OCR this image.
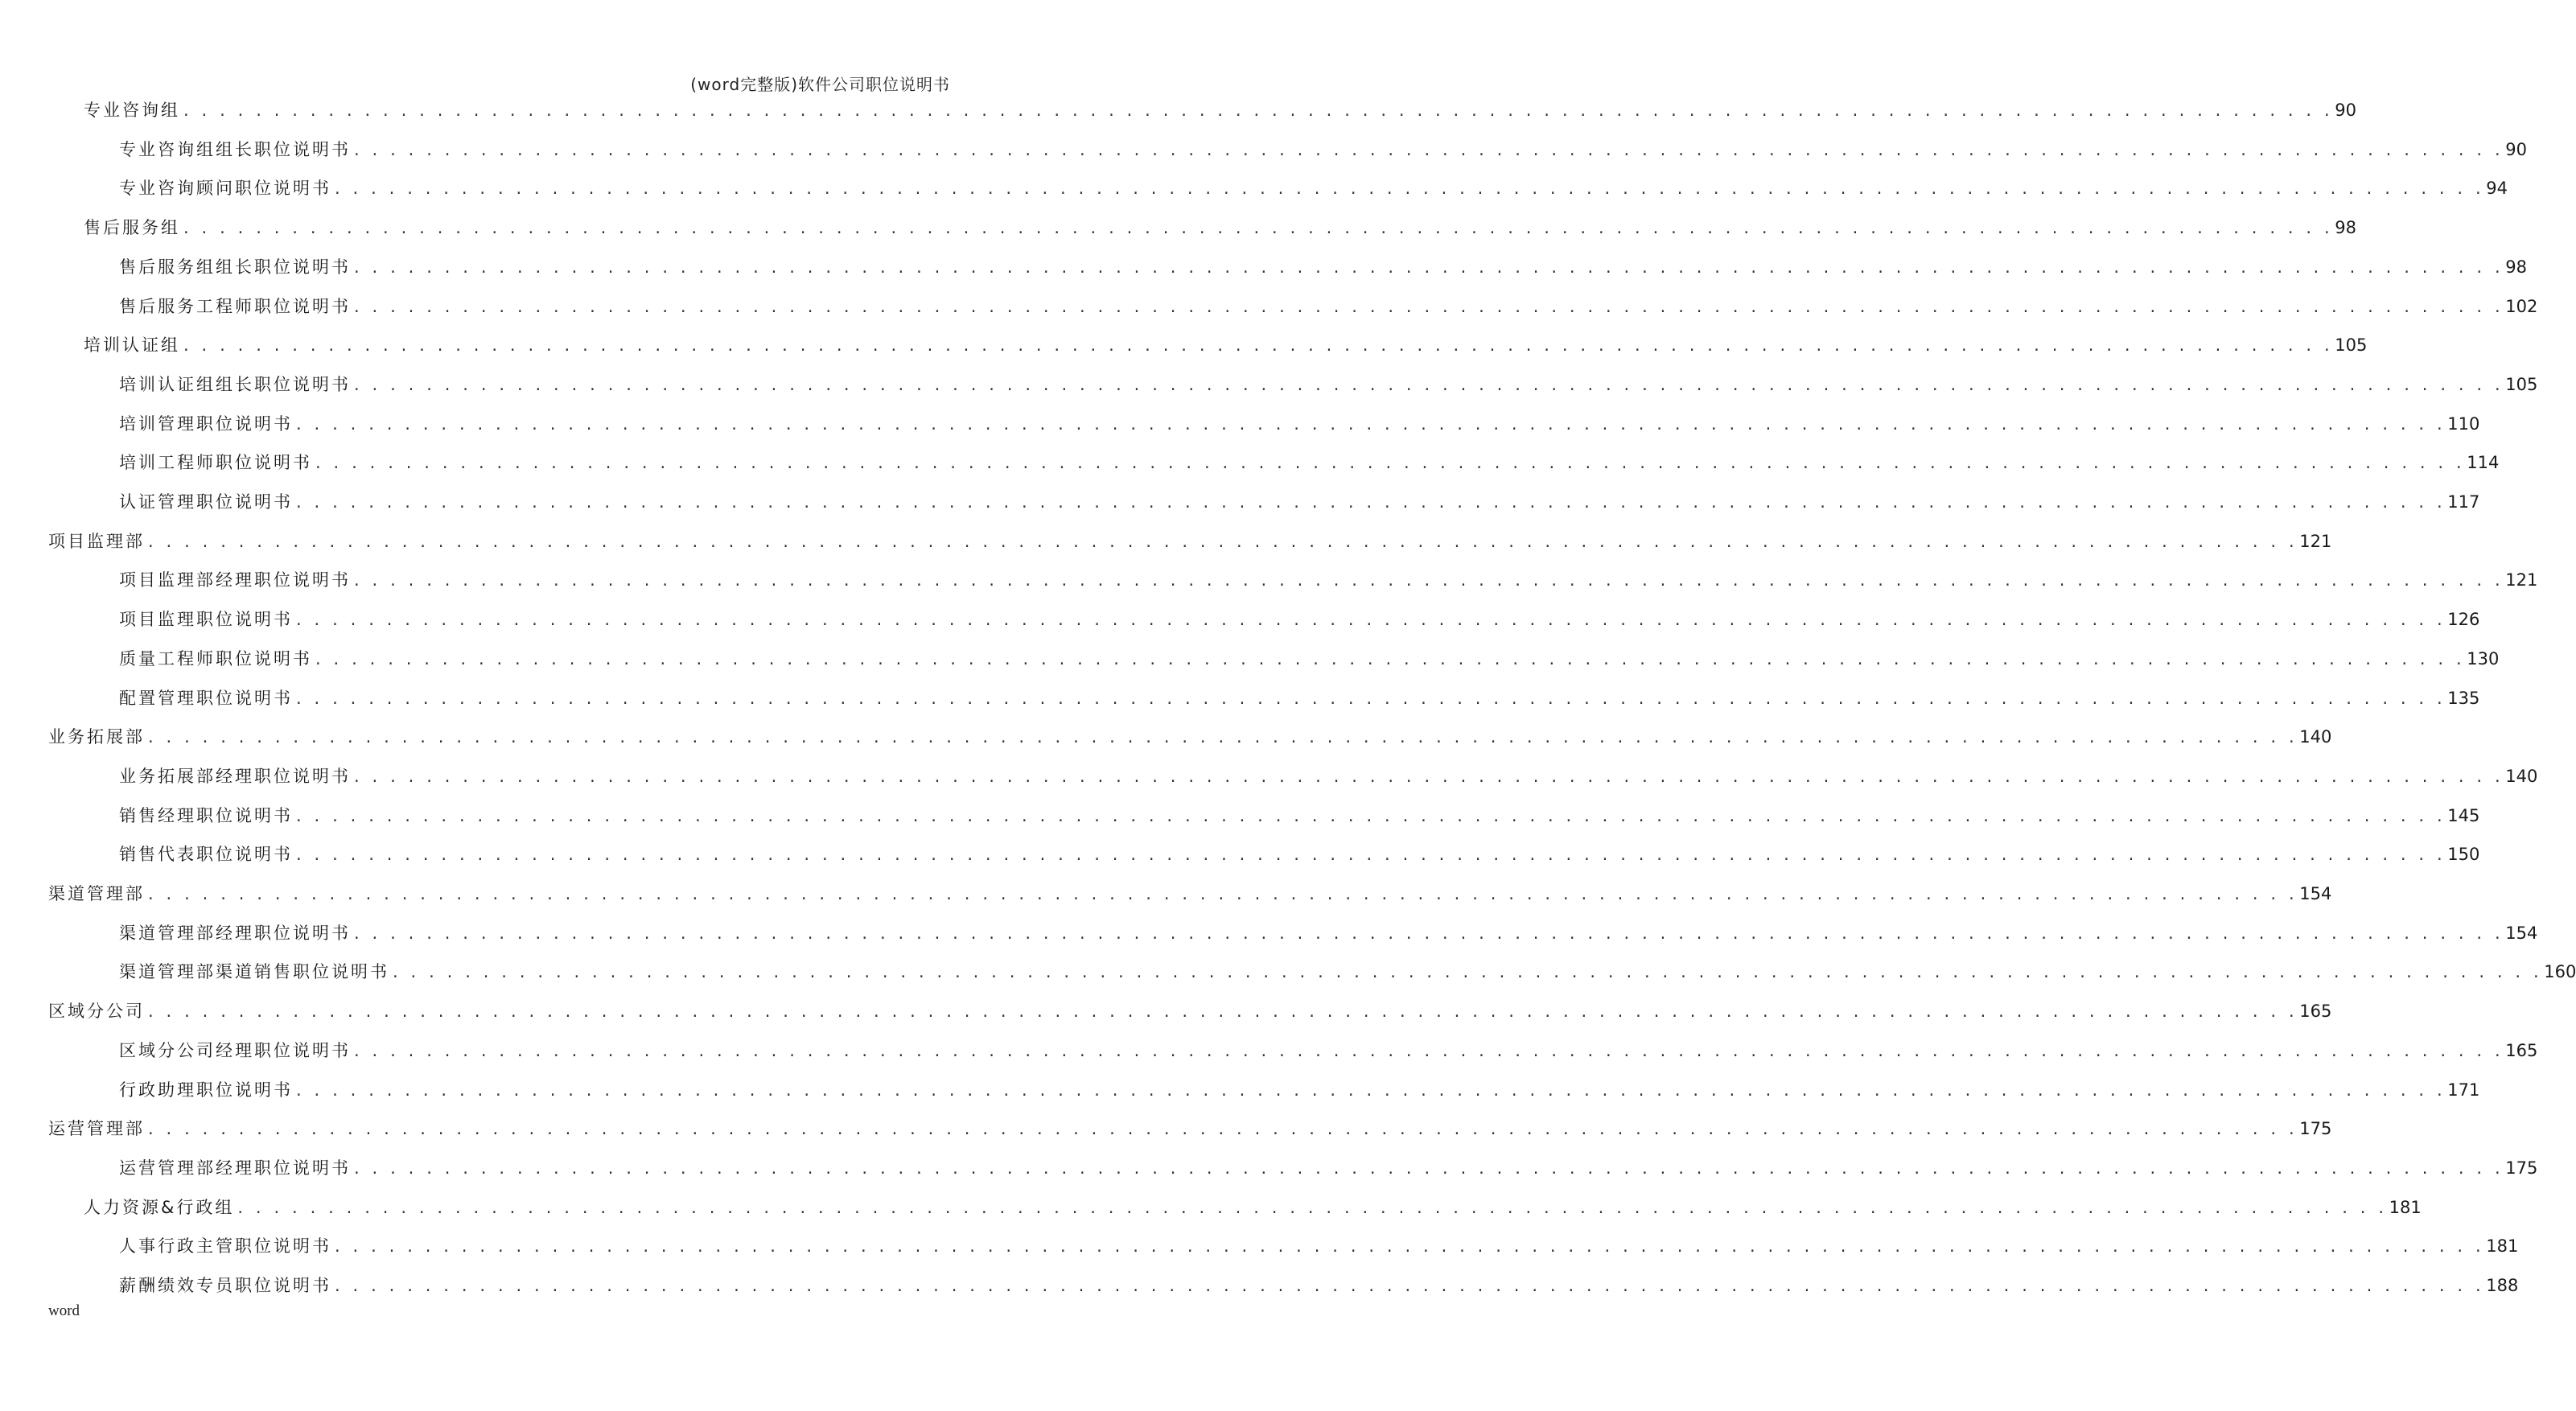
(word完整版)软件公司职位说明书
专业咨询组 . . . . . . . . . . . . . . . . . . . . . . . . . . . . . . . . . . . . . . . . . . . . . . . . . . . . . . . . . . . . . . . . . . . . . . . . . . . . . . . . . . . . . . . . . . . . . . . . . . . . . . . . . . . . . . . . . . . . . . . 90
专业咨询组组长职位说明书 . . . . . . . . . . . . . . . . . . . . . . . . . . . . . . . . . . . . . . . . . . . . . . . . . . . . . . . . . . . . . . . . . . . . . . . . . . . . . . . . . . . . . . . . . . . . . . . . . . . . . . . . . . . . . . . . . . . . . . . 90
专业咨询顾问职位说明书 . . . . . . . . . . . . . . . . . . . . . . . . . . . . . . . . . . . . . . . . . . . . . . . . . . . . . . . . . . . . . . . . . . . . . . . . . . . . . . . . . . . . . . . . . . . . . . . . . . . . . . . . . . . . . . . . . . . . . . . 94
售后服务组 . . . . . . . . . . . . . . . . . . . . . . . . . . . . . . . . . . . . . . . . . . . . . . . . . . . . . . . . . . . . . . . . . . . . . . . . . . . . . . . . . . . . . . . . . . . . . . . . . . . . . . . . . . . . . . . . . . . . . . . 98
售后服务组组长职位说明书 . . . . . . . . . . . . . . . . . . . . . . . . . . . . . . . . . . . . . . . . . . . . . . . . . . . . . . . . . . . . . . . . . . . . . . . . . . . . . . . . . . . . . . . . . . . . . . . . . . . . . . . . . . . . . . . . . . . . . . . 98
售后服务工程师职位说明书 . . . . . . . . . . . . . . . . . . . . . . . . . . . . . . . . . . . . . . . . . . . . . . . . . . . . . . . . . . . . . . . . . . . . . . . . . . . . . . . . . . . . . . . . . . . . . . . . . . . . . . . . . . . . . . . . . . . . . . . 102
培训认证组 . . . . . . . . . . . . . . . . . . . . . . . . . . . . . . . . . . . . . . . . . . . . . . . . . . . . . . . . . . . . . . . . . . . . . . . . . . . . . . . . . . . . . . . . . . . . . . . . . . . . . . . . . . . . . . . . . . . . . . . 105
培训认证组组长职位说明书 . . . . . . . . . . . . . . . . . . . . . . . . . . . . . . . . . . . . . . . . . . . . . . . . . . . . . . . . . . . . . . . . . . . . . . . . . . . . . . . . . . . . . . . . . . . . . . . . . . . . . . . . . . . . . . . . . . . . . . . 105
培训管理职位说明书 . . . . . . . . . . . . . . . . . . . . . . . . . . . . . . . . . . . . . . . . . . . . . . . . . . . . . . . . . . . . . . . . . . . . . . . . . . . . . . . . . . . . . . . . . . . . . . . . . . . . . . . . . . . . . . . . . . . . . . . 110
培训工程师职位说明书 . . . . . . . . . . . . . . . . . . . . . . . . . . . . . . . . . . . . . . . . . . . . . . . . . . . . . . . . . . . . . . . . . . . . . . . . . . . . . . . . . . . . . . . . . . . . . . . . . . . . . . . . . . . . . . . . . . . . . . . 114
认证管理职位说明书 . . . . . . . . . . . . . . . . . . . . . . . . . . . . . . . . . . . . . . . . . . . . . . . . . . . . . . . . . . . . . . . . . . . . . . . . . . . . . . . . . . . . . . . . . . . . . . . . . . . . . . . . . . . . . . . . . . . . . . . 117
项目监理部 . . . . . . . . . . . . . . . . . . . . . . . . . . . . . . . . . . . . . . . . . . . . . . . . . . . . . . . . . . . . . . . . . . . . . . . . . . . . . . . . . . . . . . . . . . . . . . . . . . . . . . . . . . . . . . . . . . . . . . . 121
项目监理部经理职位说明书 . . . . . . . . . . . . . . . . . . . . . . . . . . . . . . . . . . . . . . . . . . . . . . . . . . . . . . . . . . . . . . . . . . . . . . . . . . . . . . . . . . . . . . . . . . . . . . . . . . . . . . . . . . . . . . . . . . . . . . . 121
项目监理职位说明书 . . . . . . . . . . . . . . . . . . . . . . . . . . . . . . . . . . . . . . . . . . . . . . . . . . . . . . . . . . . . . . . . . . . . . . . . . . . . . . . . . . . . . . . . . . . . . . . . . . . . . . . . . . . . . . . . . . . . . . . 126
质量工程师职位说明书 . . . . . . . . . . . . . . . . . . . . . . . . . . . . . . . . . . . . . . . . . . . . . . . . . . . . . . . . . . . . . . . . . . . . . . . . . . . . . . . . . . . . . . . . . . . . . . . . . . . . . . . . . . . . . . . . . . . . . . . 130
配置管理职位说明书 . . . . . . . . . . . . . . . . . . . . . . . . . . . . . . . . . . . . . . . . . . . . . . . . . . . . . . . . . . . . . . . . . . . . . . . . . . . . . . . . . . . . . . . . . . . . . . . . . . . . . . . . . . . . . . . . . . . . . . . 135
业务拓展部 . . . . . . . . . . . . . . . . . . . . . . . . . . . . . . . . . . . . . . . . . . . . . . . . . . . . . . . . . . . . . . . . . . . . . . . . . . . . . . . . . . . . . . . . . . . . . . . . . . . . . . . . . . . . . . . . . . . . . . . 140
业务拓展部经理职位说明书 . . . . . . . . . . . . . . . . . . . . . . . . . . . . . . . . . . . . . . . . . . . . . . . . . . . . . . . . . . . . . . . . . . . . . . . . . . . . . . . . . . . . . . . . . . . . . . . . . . . . . . . . . . . . . . . . . . . . . . . 140
销售经理职位说明书 . . . . . . . . . . . . . . . . . . . . . . . . . . . . . . . . . . . . . . . . . . . . . . . . . . . . . . . . . . . . . . . . . . . . . . . . . . . . . . . . . . . . . . . . . . . . . . . . . . . . . . . . . . . . . . . . . . . . . . . 145
销售代表职位说明书 . . . . . . . . . . . . . . . . . . . . . . . . . . . . . . . . . . . . . . . . . . . . . . . . . . . . . . . . . . . . . . . . . . . . . . . . . . . . . . . . . . . . . . . . . . . . . . . . . . . . . . . . . . . . . . . . . . . . . . . 150
渠道管理部 . . . . . . . . . . . . . . . . . . . . . . . . . . . . . . . . . . . . . . . . . . . . . . . . . . . . . . . . . . . . . . . . . . . . . . . . . . . . . . . . . . . . . . . . . . . . . . . . . . . . . . . . . . . . . . . . . . . . . . . 154
渠道管理部经理职位说明书 . . . . . . . . . . . . . . . . . . . . . . . . . . . . . . . . . . . . . . . . . . . . . . . . . . . . . . . . . . . . . . . . . . . . . . . . . . . . . . . . . . . . . . . . . . . . . . . . . . . . . . . . . . . . . . . . . . . . . . . 154
渠道管理部渠道销售职位说明书 . . . . . . . . . . . . . . . . . . . . . . . . . . . . . . . . . . . . . . . . . . . . . . . . . . . . . . . . . . . . . . . . . . . . . . . . . . . . . . . . . . . . . . . . . . . . . . . . . . . . . . . . . . . . . . . . . . . . . . . 160
区域分公司 . . . . . . . . . . . . . . . . . . . . . . . . . . . . . . . . . . . . . . . . . . . . . . . . . . . . . . . . . . . . . . . . . . . . . . . . . . . . . . . . . . . . . . . . . . . . . . . . . . . . . . . . . . . . . . . . . . . . . . . 165
区域分公司经理职位说明书 . . . . . . . . . . . . . . . . . . . . . . . . . . . . . . . . . . . . . . . . . . . . . . . . . . . . . . . . . . . . . . . . . . . . . . . . . . . . . . . . . . . . . . . . . . . . . . . . . . . . . . . . . . . . . . . . . . . . . . . 165
行政助理职位说明书 . . . . . . . . . . . . . . . . . . . . . . . . . . . . . . . . . . . . . . . . . . . . . . . . . . . . . . . . . . . . . . . . . . . . . . . . . . . . . . . . . . . . . . . . . . . . . . . . . . . . . . . . . . . . . . . . . . . . . . . 171
运营管理部 . . . . . . . . . . . . . . . . . . . . . . . . . . . . . . . . . . . . . . . . . . . . . . . . . . . . . . . . . . . . . . . . . . . . . . . . . . . . . . . . . . . . . . . . . . . . . . . . . . . . . . . . . . . . . . . . . . . . . . . 175
运营管理部经理职位说明书 . . . . . . . . . . . . . . . . . . . . . . . . . . . . . . . . . . . . . . . . . . . . . . . . . . . . . . . . . . . . . . . . . . . . . . . . . . . . . . . . . . . . . . . . . . . . . . . . . . . . . . . . . . . . . . . . . . . . . . . 175
人力资源&行政组 . . . . . . . . . . . . . . . . . . . . . . . . . . . . . . . . . . . . . . . . . . . . . . . . . . . . . . . . . . . . . . . . . . . . . . . . . . . . . . . . . . . . . . . . . . . . . . . . . . . . . . . . . . . . . . . . . . . . . . . 181
人事行政主管职位说明书 . . . . . . . . . . . . . . . . . . . . . . . . . . . . . . . . . . . . . . . . . . . . . . . . . . . . . . . . . . . . . . . . . . . . . . . . . . . . . . . . . . . . . . . . . . . . . . . . . . . . . . . . . . . . . . . . . . . . . . . 181
薪酬绩效专员职位说明书 . . . . . . . . . . . . . . . . . . . . . . . . . . . . . . . . . . . . . . . . . . . . . . . . . . . . . . . . . . . . . . . . . . . . . . . . . . . . . . . . . . . . . . . . . . . . . . . . . . . . . . . . . . . . . . . . . . . . . . . 188
word
